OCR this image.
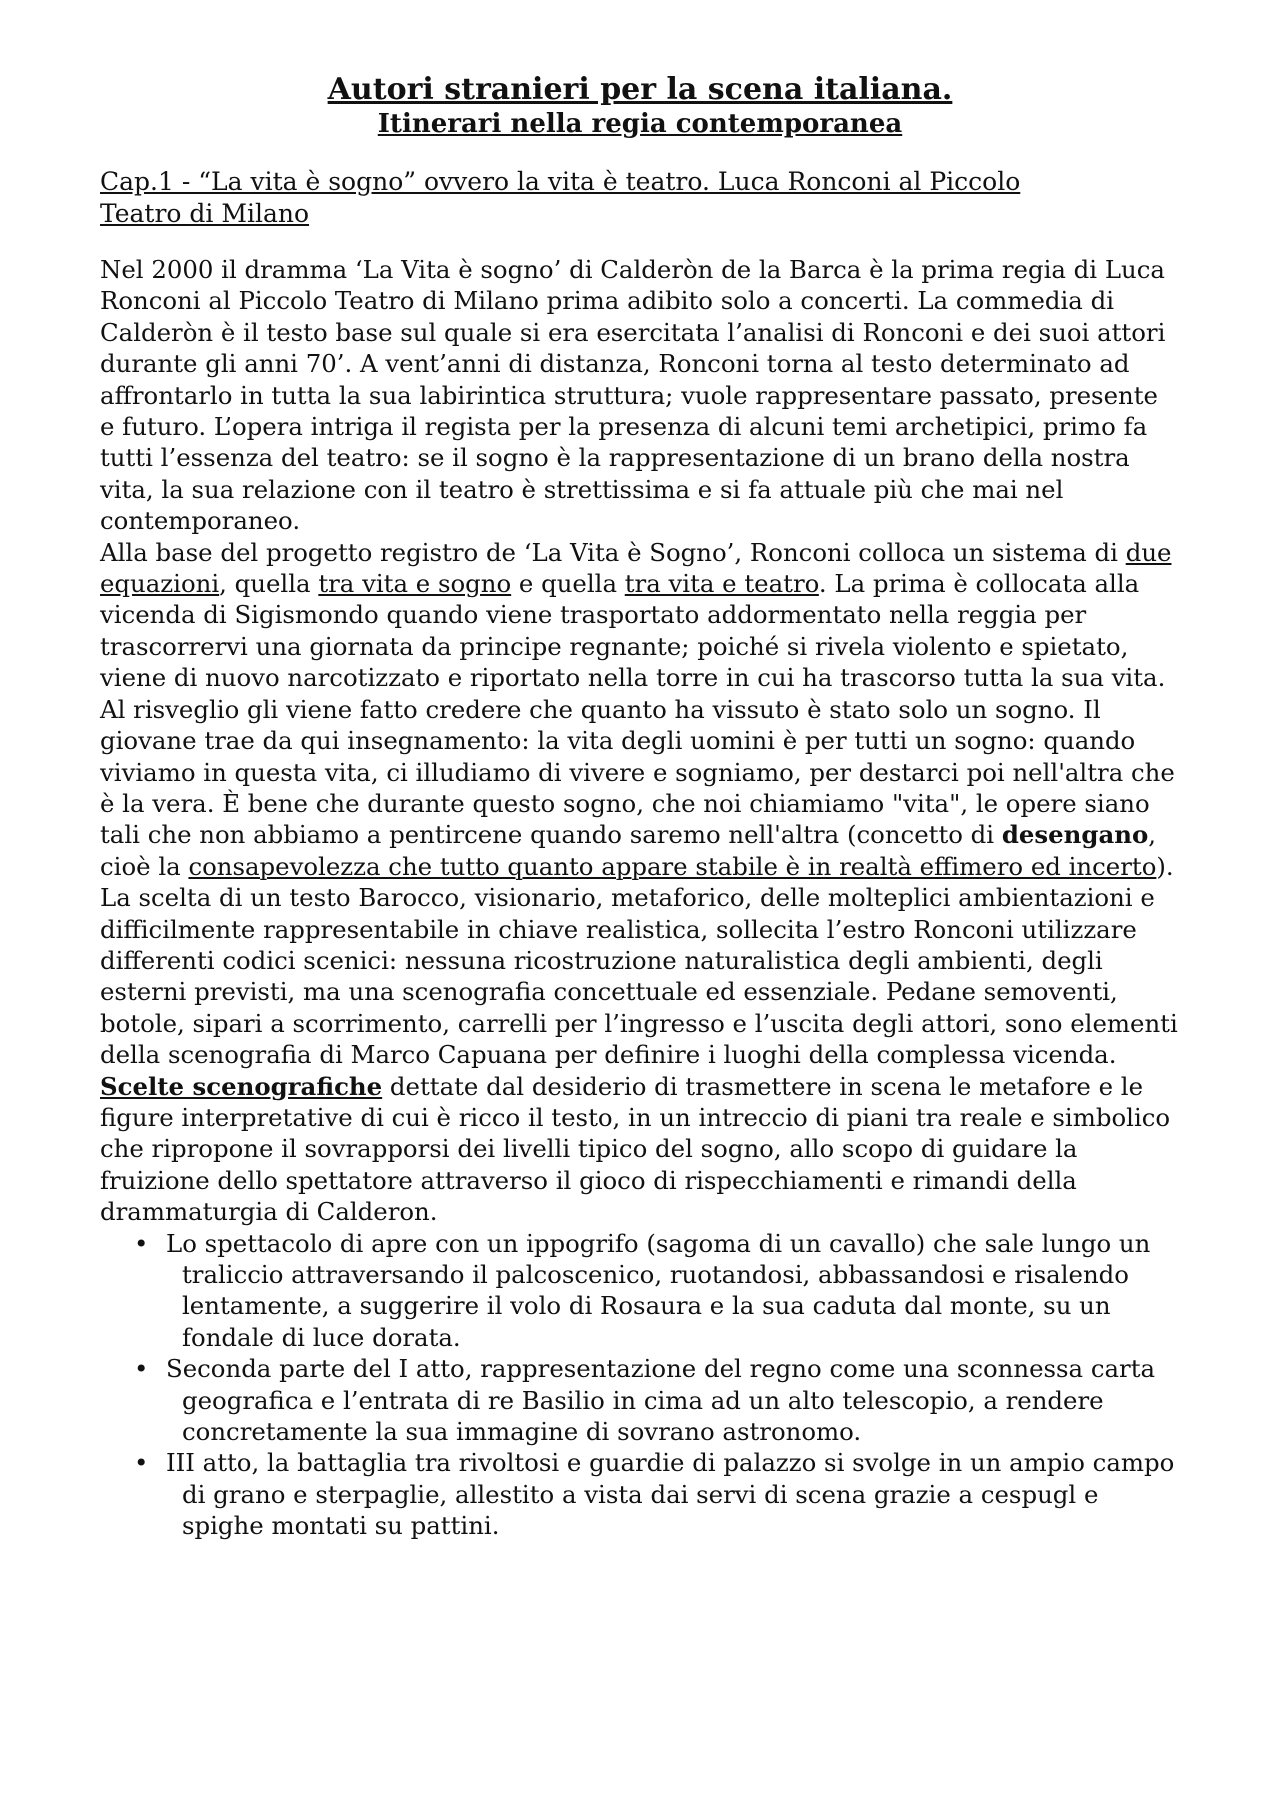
Autori stranieri per la scena italiana.
Itinerari nella regia contemporanea

Cap.1 - “La vita è sogno” ovvero la vita è teatro. Luca Ronconi al Piccolo Teatro di Milano

Nel 2000 il dramma ‘La Vita è sogno’ di Calderòn de la Barca è la prima regia di Luca Ronconi al Piccolo Teatro di Milano prima adibito solo a concerti. La commedia di Calderòn è il testo base sul quale si era esercitata l’analisi di Ronconi e dei suoi attori durante gli anni 70’. A vent’anni di distanza, Ronconi torna al testo determinato ad affrontarlo in tutta la sua labirintica struttura; vuole rappresentare passato, presente e futuro. L’opera intriga il regista per la presenza di alcuni temi archetipici, primo fa tutti l’essenza del teatro: se il sogno è la rappresentazione di un brano della nostra vita, la sua relazione con il teatro è strettissima e si fa attuale più che mai nel contemporaneo.

Alla base del progetto registro de ‘La Vita è Sogno’, Ronconi colloca un sistema di due equazioni, quella tra vita e sogno e quella tra vita e teatro. La prima è collocata alla vicenda di Sigismondo quando viene trasportato addormentato nella reggia per trascorrervi una giornata da principe regnante; poiché si rivela violento e spietato, viene di nuovo narcotizzato e riportato nella torre in cui ha trascorso tutta la sua vita. Al risveglio gli viene fatto credere che quanto ha vissuto è stato solo un sogno. Il giovane trae da qui insegnamento: la vita degli uomini è per tutti un sogno: quando viviamo in questa vita, ci illudiamo di vivere e sogniamo, per destarci poi nell'altra che è la vera. È bene che durante questo sogno, che noi chiamiamo "vita", le opere siano tali che non abbiamo a pentircene quando saremo nell'altra (concetto di desengano, cioè la consapevolezza che tutto quanto appare stabile è in realtà effimero ed incerto). La scelta di un testo Barocco, visionario, metaforico, delle molteplici ambientazioni e difficilmente rappresentabile in chiave realistica, sollecita l’estro Ronconi utilizzare differenti codici scenici: nessuna ricostruzione naturalistica degli ambienti, degli esterni previsti, ma una scenografia concettuale ed essenziale. Pedane semoventi, botole, sipari a scorrimento, carrelli per l’ingresso e l’uscita degli attori, sono elementi della scenografia di Marco Capuana per definire i luoghi della complessa vicenda.

Scelte scenografiche dettate dal desiderio di trasmettere in scena le metafore e le figure interpretative di cui è ricco il testo, in un intreccio di piani tra reale e simbolico che ripropone il sovrapporsi dei livelli tipico del sogno, allo scopo di guidare la fruizione dello spettatore attraverso il gioco di rispecchiamenti e rimandi della drammaturgia di Calderon.

• Lo spettacolo di apre con un ippogrifo (sagoma di un cavallo) che sale lungo un traliccio attraversando il palcoscenico, ruotandosi, abbassandosi e risalendo lentamente, a suggerire il volo di Rosaura e la sua caduta dal monte, su un fondale di luce dorata.
• Seconda parte del I atto, rappresentazione del regno come una sconnessa carta geografica e l’entrata di re Basilio in cima ad un alto telescopio, a rendere concretamente la sua immagine di sovrano astronomo.
• III atto, la battaglia tra rivoltosi e guardie di palazzo si svolge in un ampio campo di grano e sterpaglie, allestito a vista dai servi di scena grazie a cespugl e spighe montati su pattini.
